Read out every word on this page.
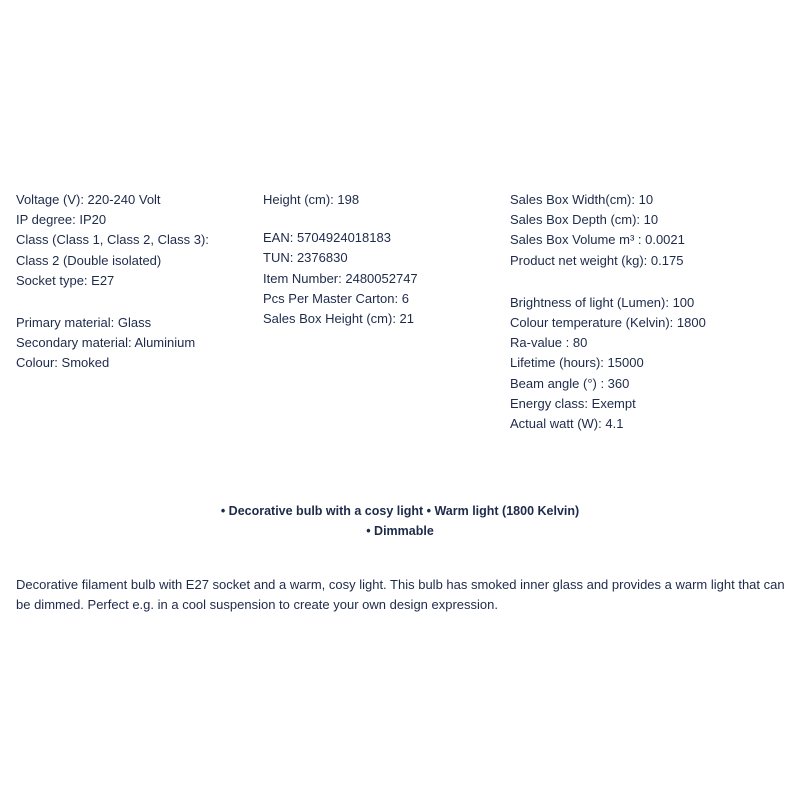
Voltage (V): 220-240 Volt
IP degree: IP20
Class (Class 1, Class 2, Class 3):
Class 2 (Double isolated)
Socket type: E27
Primary material: Glass
Secondary material: Aluminium
Colour: Smoked
Height (cm): 198
EAN: 5704924018183
TUN: 2376830
Item Number: 2480052747
Pcs Per Master Carton: 6
Sales Box Height (cm): 21
Sales Box Width(cm): 10
Sales Box Depth (cm): 10
Sales Box Volume m³ : 0.0021
Product net weight (kg): 0.175
Brightness of light (Lumen): 100
Colour temperature (Kelvin): 1800
Ra-value : 80
Lifetime (hours): 15000
Beam angle (°) : 360
Energy class: Exempt
Actual watt (W): 4.1
• Decorative bulb with a cosy light • Warm light (1800 Kelvin)
• Dimmable
Decorative filament bulb with E27 socket and a warm, cosy light. This bulb has smoked inner glass and provides a warm light that can be dimmed. Perfect e.g. in a cool suspension to create your own design expression.
